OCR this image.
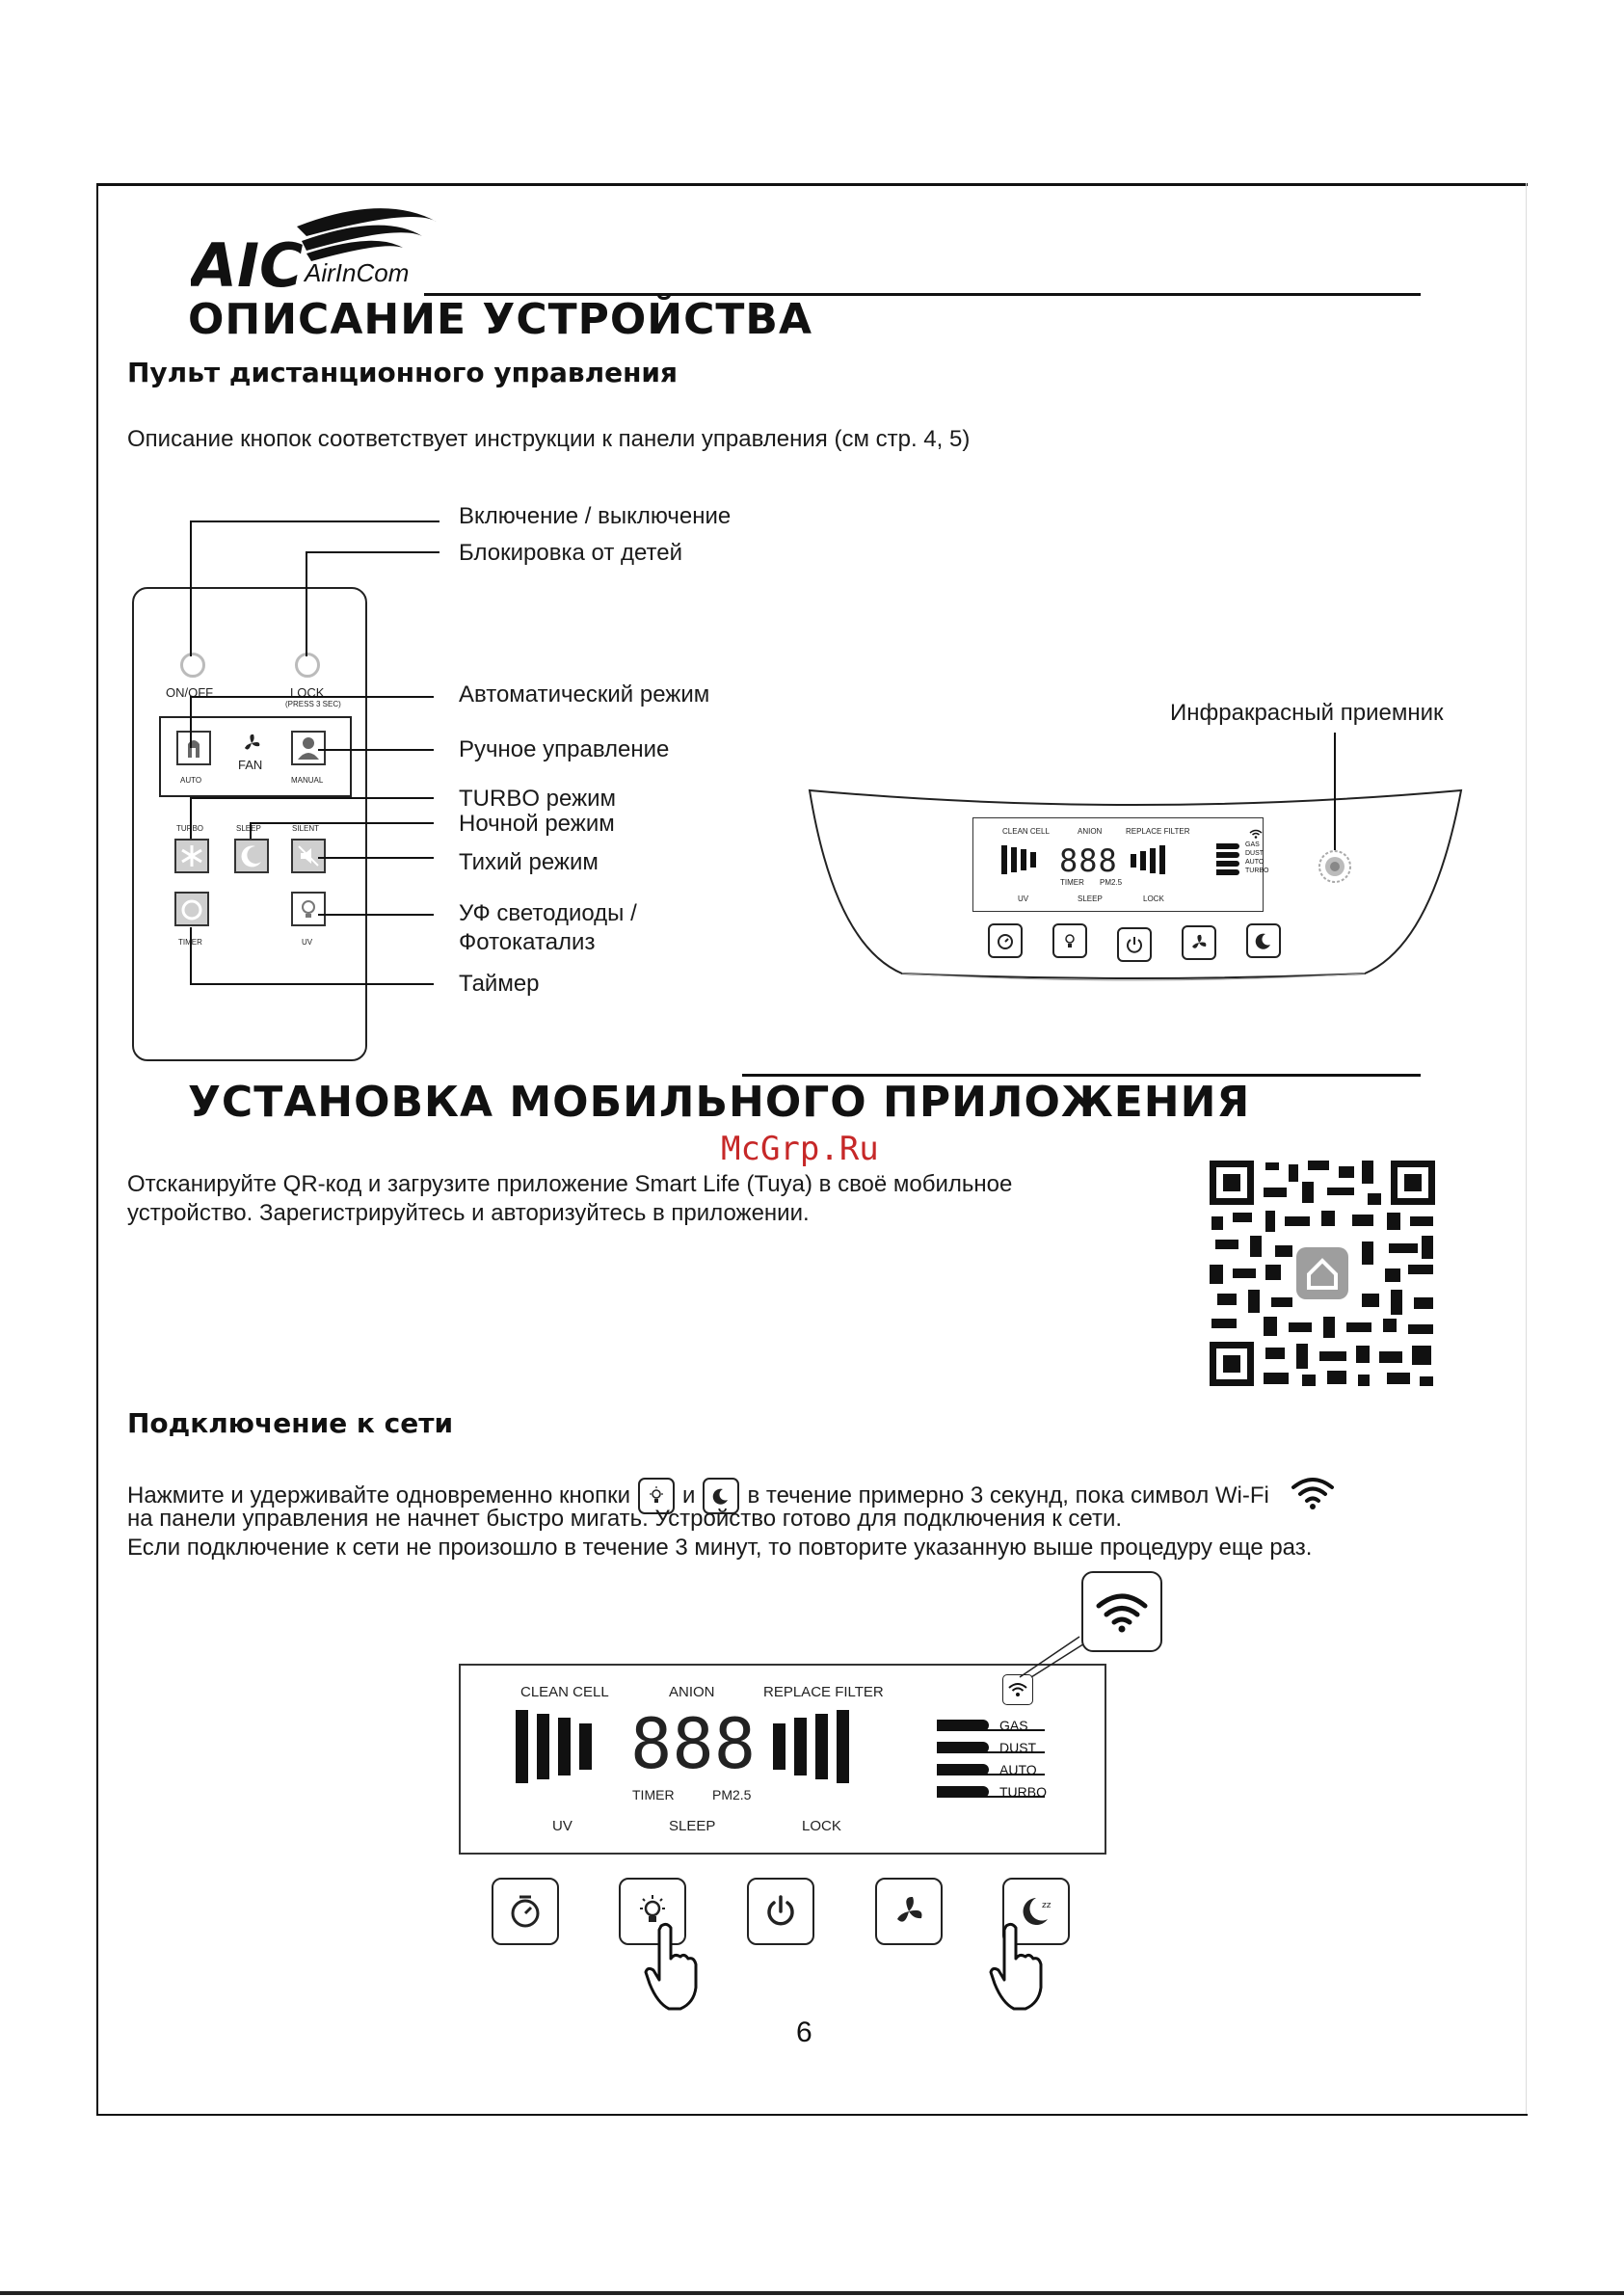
AIC AirInCom
ОПИСАНИЕ УСТРОЙСТВА
Пульт дистанционного управления
Описание кнопок соответствует инструкции к панели управления (см стр. 4, 5)
ON/OFF	LOCK
(PRESS 3 SEC)
FAN
AUTO	MANUAL
TURBO	SLEEP	SILENT
TIMER	UV
Включение / выключение
Блокировка от детей
Автоматический режим
Ручное управление
TURBO режим
Ночной режим
Тихий режим
УФ светодиоды /
Фотокатализ
Таймер
CLEAN CELL	ANION	REPLACE FILTER
888
TIMER PM2.5
UV	SLEEP	LOCK
GAS
DUST
AUTO
TURBO
Инфракрасный приемник
УСТАНОВКА МОБИЛЬНОГО ПРИЛОЖЕНИЯ
McGrp.Ru
Отсканируйте QR-код и загрузите приложение Smart Life (Tuya) в своё мобильное
устройство. Зарегистрируйтесь и авторизуйтесь в приложении.
Подключение к сети
Нажмите и удерживайте одновременно кнопки и в течение примерно 3 секунд, пока символ Wi-Fi
на панели управления не начнет быстро мигать. Устройство готово для подключения к сети.
Если подключение к сети не произошло в течение 3 минут, то повторите указанную выше процедуру еще раз.
CLEAN CELL	ANION	REPLACE FILTER
888
TIMER	PM2.5
UV	SLEEP	LOCK
GAS
DUST
AUTO
TURBO
zz
6
